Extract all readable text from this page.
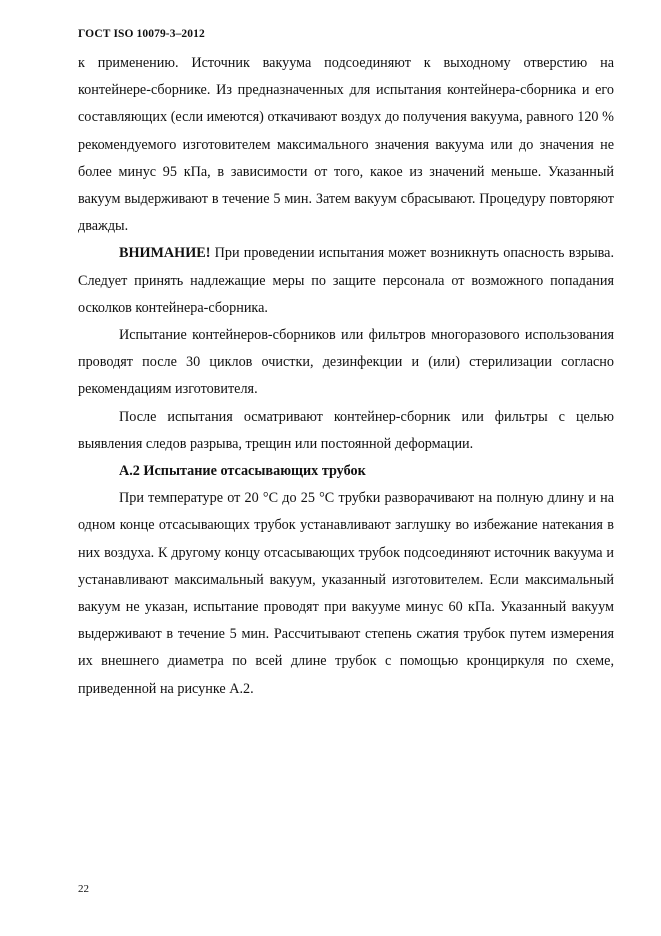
ГОСТ ISO 10079-3–2012

к применению. Источник вакуума подсоединяют к выходному отверстию на контейнере-сборнике. Из предназначенных для испытания контейнера-сборника и его составляющих (если имеются) откачивают воздух до получения вакуума, равного 120 % рекомендуемого изготовителем максимального значения вакуума или до значения не более минус 95 кПа, в зависимости от того, какое из значений меньше. Указанный вакуум выдерживают в течение 5 мин. Затем вакуум сбрасывают. Процедуру повторяют дважды.

ВНИМАНИЕ! При проведении испытания может возникнуть опасность взрыва. Следует принять надлежащие меры по защите персонала от возможного попадания осколков контейнера-сборника.

Испытание контейнеров-сборников или фильтров многоразового использования проводят после 30 циклов очистки, дезинфекции и (или) стерилизации согласно рекомендациям изготовителя.

После испытания осматривают контейнер-сборник или фильтры с целью выявления следов разрыва, трещин или постоянной деформации.

А.2 Испытание отсасывающих трубок

При температуре от 20 °С до 25 °С трубки разворачивают на полную длину и на одном конце отсасывающих трубок устанавливают заглушку во избежание натекания в них воздуха. К другому концу отсасывающих трубок подсоединяют источник вакуума и устанавливают максимальный вакуум, указанный изготовителем. Если максимальный вакуум не указан, испытание проводят при вакууме минус 60 кПа. Указанный вакуум выдерживают в течение 5 мин. Рассчитывают степень сжатия трубок путем измерения их внешнего диаметра по всей длине трубок с помощью кронциркуля по схеме, приведенной на рисунке А.2.

22
